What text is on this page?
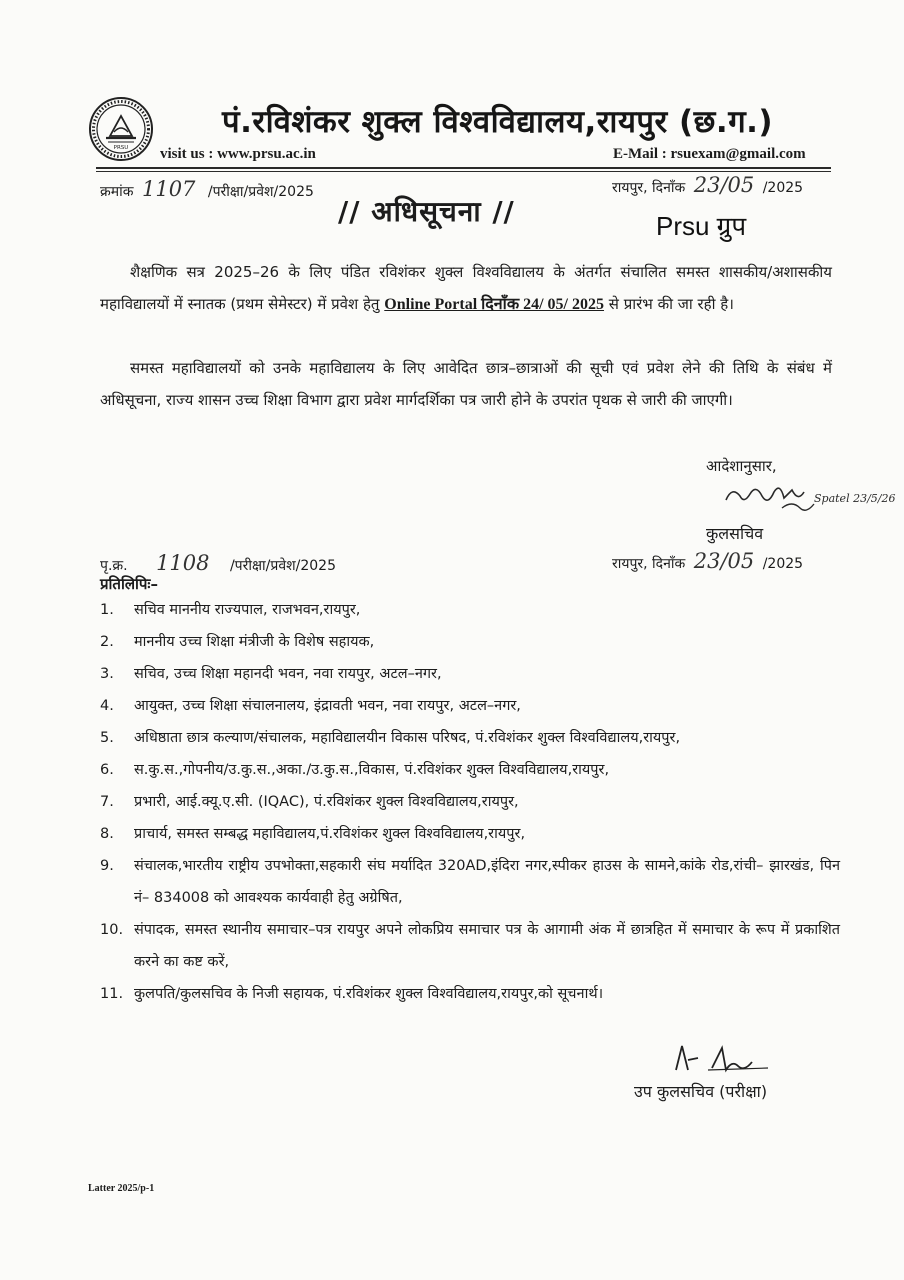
PRSU
पं.रविशंकर शुक्ल विश्वविद्यालय,रायपुर (छ.ग.)
visit us : www.prsu.ac.in	E-Mail : rsuexam@gmail.com
क्रमांक 1107 /परीक्षा/प्रवेश/2025	रायपुर, दिनाँक 23/05 /2025
// अधिसूचना //	Prsu ग्रुप
शैक्षणिक सत्र 2025–26 के लिए पंडित रविशंकर शुक्ल विश्वविद्यालय के अंतर्गत संचालित समस्त शासकीय/अशासकीय महाविद्यालयों में स्नातक (प्रथम सेमेस्टर) में प्रवेश हेतु Online Portal दिनाँक 24/ 05/ 2025 से प्रारंभ की जा रही है।
समस्त महाविद्यालयों को उनके महाविद्यालय के लिए आवेदित छात्र–छात्राओं की सूची एवं प्रवेश लेने की तिथि के संबंध में अधिसूचना, राज्य शासन उच्च शिक्षा विभाग द्वारा प्रवेश मार्गदर्शिका पत्र जारी होने के उपरांत पृथक से जारी की जाएगी।
आदेशानुसार,
Spatel 23/5/26
कुलसचिव
पृ.क्र. 1108 /परीक्षा/प्रवेश/2025	रायपुर, दिनाँक 23/05 /2025
प्रतिलिपिः–
1.	सचिव माननीय राज्यपाल, राजभवन,रायपुर,
2.	माननीय उच्च शिक्षा मंत्रीजी के विशेष सहायक,
3.	सचिव, उच्च शिक्षा महानदी भवन, नवा रायपुर, अटल–नगर,
4.	आयुक्त, उच्च शिक्षा संचालनालय, इंद्रावती भवन, नवा रायपुर, अटल–नगर,
5.	अधिष्ठाता छात्र कल्याण/संचालक, महाविद्यालयीन विकास परिषद, पं.रविशंकर शुक्ल विश्वविद्यालय,रायपुर,
6.	स.कु.स.,गोपनीय/उ.कु.स.,अका./उ.कु.स.,विकास, पं.रविशंकर शुक्ल विश्वविद्यालय,रायपुर,
7.	प्रभारी, आई.क्यू.ए.सी. (IQAC), पं.रविशंकर शुक्ल विश्वविद्यालय,रायपुर,
8.	प्राचार्य, समस्त सम्बद्ध महाविद्यालय,पं.रविशंकर शुक्ल विश्वविद्यालय,रायपुर,
9.	संचालक,भारतीय राष्ट्रीय उपभोक्ता,सहकारी संघ मर्यादित 320AD,इंदिरा नगर,स्पीकर हाउस के सामने,कांके रोड,रांची– झारखंड, पिन नं– 834008 को आवश्यक कार्यवाही हेतु अग्रेषित,
10. संपादक, समस्त स्थानीय समाचार–पत्र रायपुर अपने लोकप्रिय समाचार पत्र के आगामी अंक में छात्रहित में समाचार के रूप में प्रकाशित करने का कष्ट करें,
11. कुलपति/कुलसचिव के निजी सहायक, पं.रविशंकर शुक्ल विश्वविद्यालय,रायपुर,को सूचनार्थ।
N 12
उप कुलसचिव (परीक्षा)
Latter 2025/p-1
